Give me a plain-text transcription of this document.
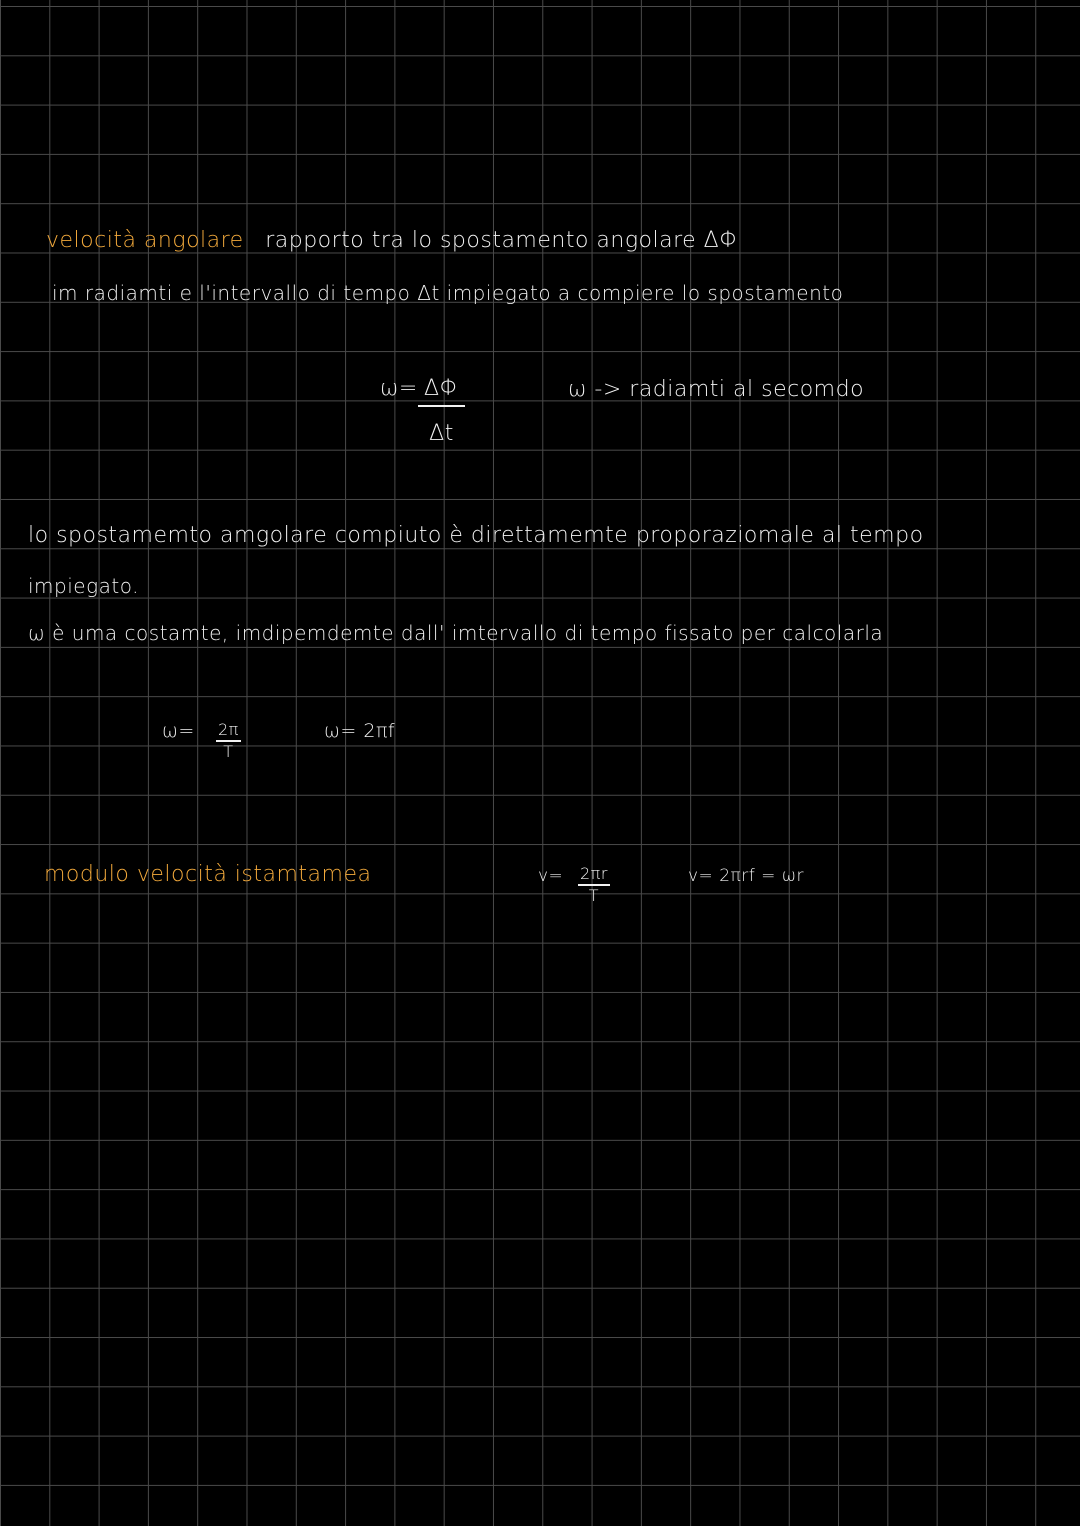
velocità angolare rapporto tra lo spostamento angolare ΔΦ
im radiamti e l'intervallo di tempo Δt impiegato a compiere lo spostamento
$\omega= \frac{\Delta\Phi}{\Delta t}$	ω -> radiamti al secomdo
lo spostamemto amgolare compiuto è direttamemte proporaziomale al tempo
impiegato.
ω è uma costamte, imdipemdemte dall' imtervallo di tempo fissato per calcolarla
$\omega= \frac{2\pi}{T}$	ω= 2πf
modulo velocità istamtamea	$v= \frac{2\pi r}{T}$	v= 2πrf = ωr
